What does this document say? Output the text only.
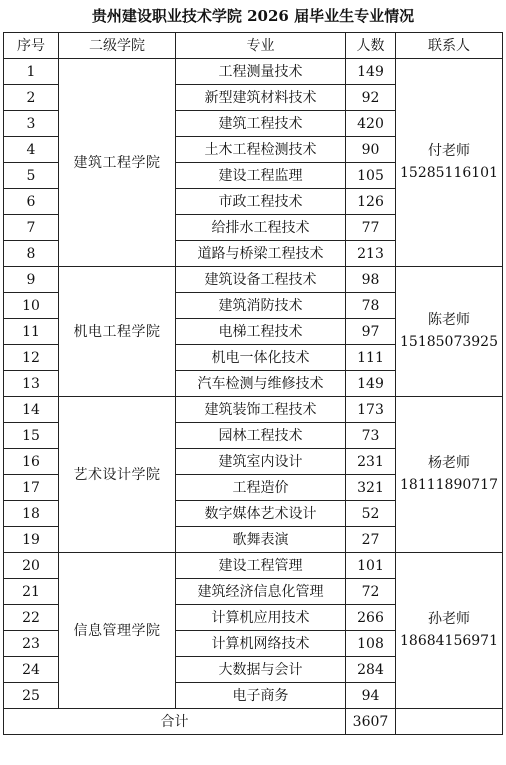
贵州建设职业技术学院 2026 届毕业生专业情况
序号	二级学院	专业	人数	联系人
1	建筑工程学院	工程测量技术	149	付老师
15285116101

2		新型建筑材料技术	92	
3		建筑工程技术	420	
4		土木工程检测技术	90	
5		建设工程监理	105	
6		市政工程技术	126	
7		给排水工程技术	77	
8		道路与桥梁工程技术	213	
9	机电工程学院	建筑设备工程技术	98	陈老师
15185073925

10		建筑消防技术	78	
11		电梯工程技术	97	
12		机电一体化技术	111	
13		汽车检测与维修技术	149	
14	艺术设计学院	建筑装饰工程技术	173	杨老师
18111890717

15		园林工程技术	73	
16		建筑室内设计	231	
17		工程造价	321	
18		数字媒体艺术设计	52	
19		歌舞表演	27	
20	信息管理学院	建设工程管理	101	孙老师
18684156971

21		建筑经济信息化管理	72	
22		计算机应用技术	266	
23		计算机网络技术	108	
24		大数据与会计	284	
25		电子商务	94	
合计			3607	
